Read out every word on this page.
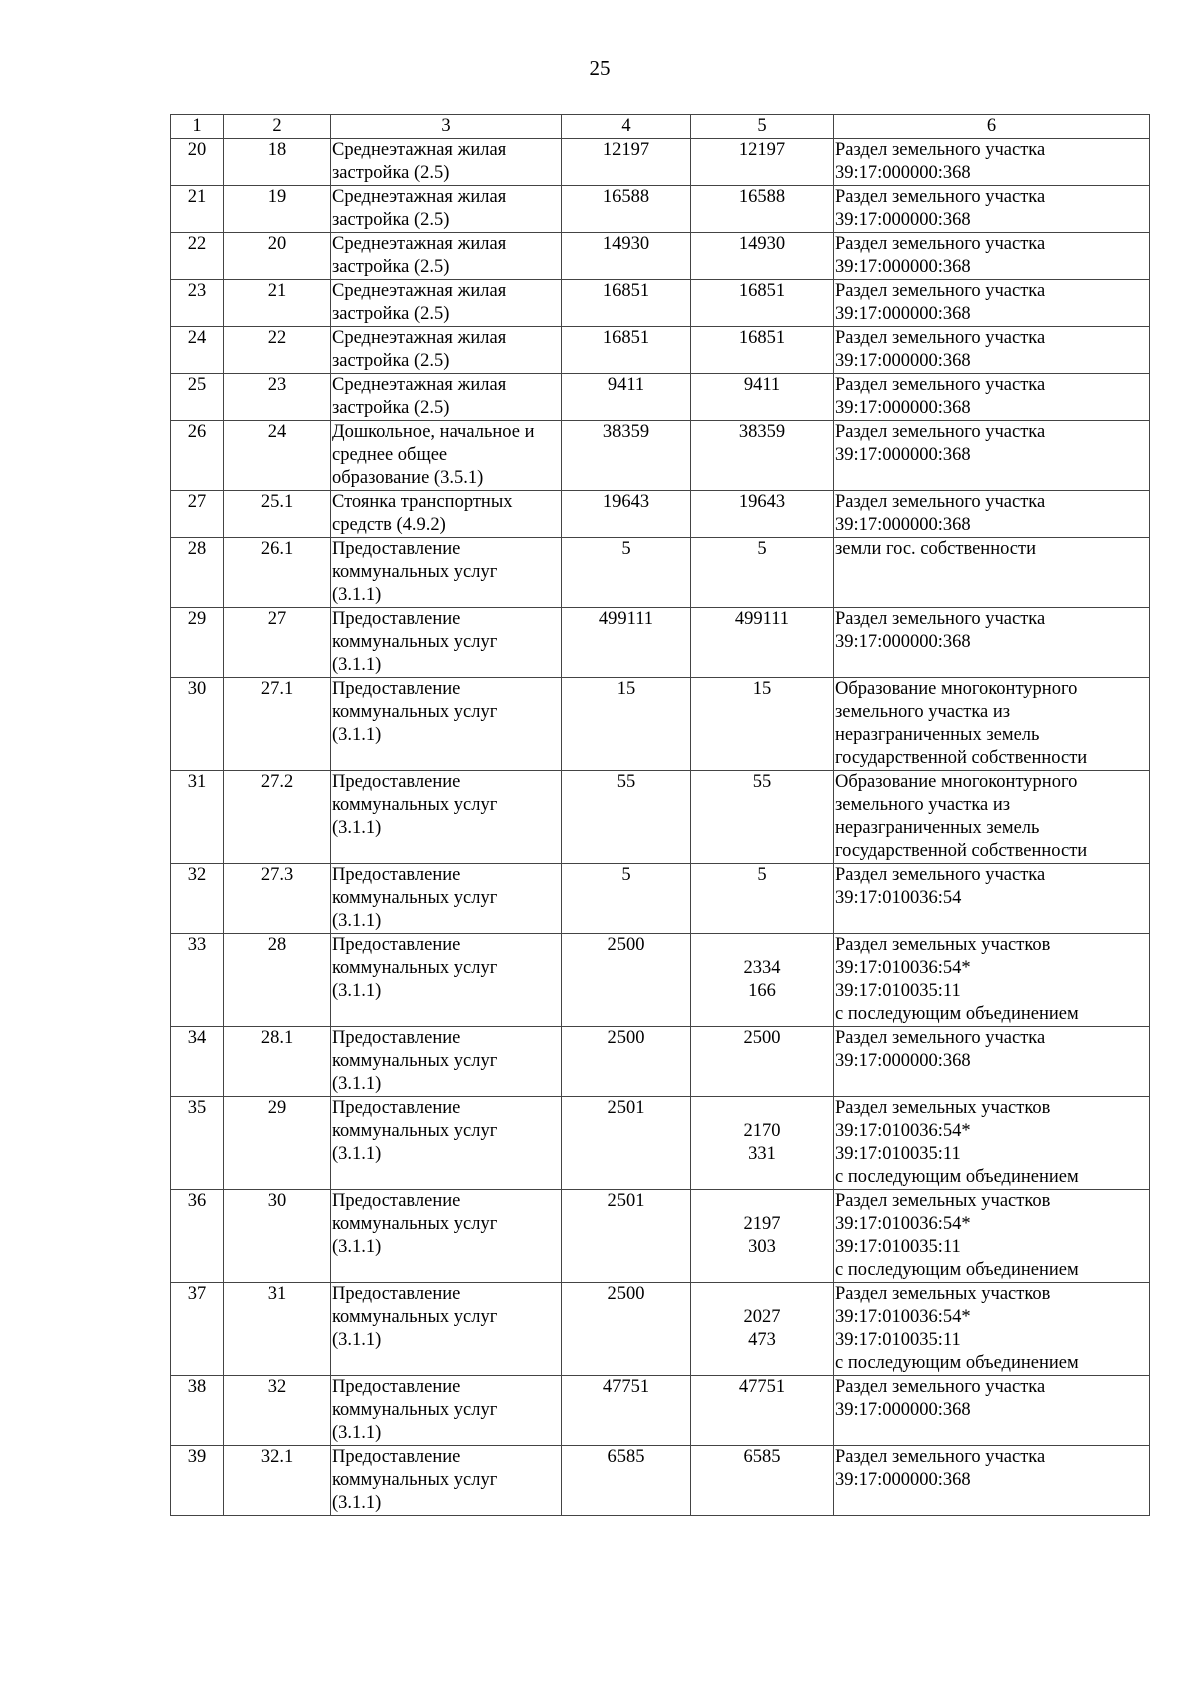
25
1	2	3	4	5	6
20	18	Среднеэтажная жилая
застройка (2.5)	12197	12197	Раздел земельного участка
39:17:000000:368

21	19	Среднеэтажная жилая
застройка (2.5)	16588	16588	Раздел земельного участка
39:17:000000:368

22	20	Среднеэтажная жилая
застройка (2.5)	14930	14930	Раздел земельного участка
39:17:000000:368

23	21	Среднеэтажная жилая
застройка (2.5)	16851	16851	Раздел земельного участка
39:17:000000:368

24	22	Среднеэтажная жилая
застройка (2.5)	16851	16851	Раздел земельного участка
39:17:000000:368

25	23	Среднеэтажная жилая
застройка (2.5)	9411	9411	Раздел земельного участка
39:17:000000:368

26	24	Дошкольное, начальное и
среднее общее
образование (3.5.1)	38359	38359	Раздел земельного участка
39:17:000000:368

27	25.1	Стоянка транспортных
средств (4.9.2)	19643	19643	Раздел земельного участка
39:17:000000:368

28	26.1	Предоставление
коммунальных услуг
(3.1.1)	5	5	земли гос. собственности

29	27	Предоставление
коммунальных услуг
(3.1.1)	499111	499111	Раздел земельного участка
39:17:000000:368

30	27.1	Предоставление
коммунальных услуг
(3.1.1)	15	15	Образование многоконтурного
земельного участка из
неразграниченных земель
государственной собственности

31	27.2	Предоставление
коммунальных услуг
(3.1.1)	55	55	Образование многоконтурного
земельного участка из
неразграниченных земель
государственной собственности

32	27.3	Предоставление
коммунальных услуг
(3.1.1)	5	5	Раздел земельного участка
39:17:010036:54

33	28	Предоставление
коммунальных услуг
(3.1.1)	2500	2334
166	Раздел земельных участков
39:17:010036:54*
39:17:010035:11
с последующим объединением

34	28.1	Предоставление
коммунальных услуг
(3.1.1)	2500	2500	Раздел земельного участка
39:17:000000:368

35	29	Предоставление
коммунальных услуг
(3.1.1)	2501	2170
331	Раздел земельных участков
39:17:010036:54*
39:17:010035:11
с последующим объединением

36	30	Предоставление
коммунальных услуг
(3.1.1)	2501	2197
303	Раздел земельных участков
39:17:010036:54*
39:17:010035:11
с последующим объединением

37	31	Предоставление
коммунальных услуг
(3.1.1)	2500	2027
473	Раздел земельных участков
39:17:010036:54*
39:17:010035:11
с последующим объединением

38	32	Предоставление
коммунальных услуг
(3.1.1)	47751	47751	Раздел земельного участка
39:17:000000:368

39	32.1	Предоставление
коммунальных услуг
(3.1.1)	6585	6585	Раздел земельного участка
39:17:000000:368
